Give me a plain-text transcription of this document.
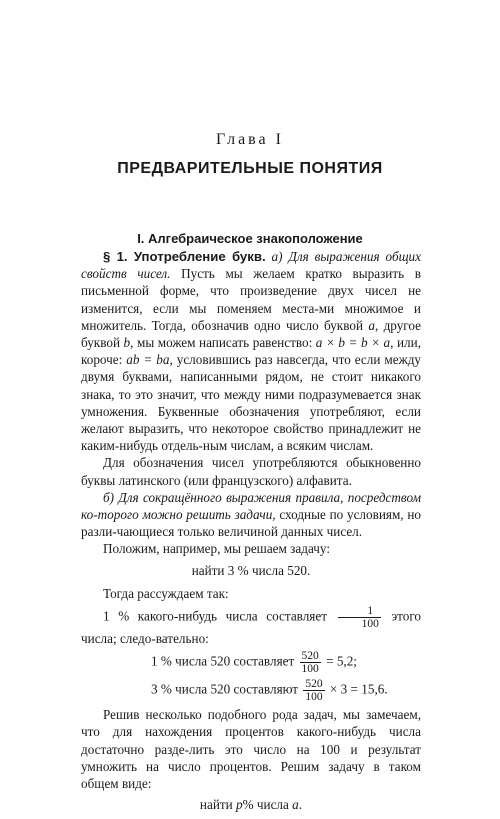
Глава I
ПРЕДВАРИТЕЛЬНЫЕ ПОНЯТИЯ
I. Алгебраическое знакоположение

§ 1. Употребление букв. а) Для выражения общих свойств чисел. Пусть мы желаем кратко выразить в письменной форме, что произведение двух чисел не изменится, если мы поменяем места-ми множимое и множитель. Тогда, обозначив одно число буквой a, другое буквой b, мы можем написать равенство: a × b = b × a, или, короче: ab = ba, условившись раз навсегда, что если между двумя буквами, написанными рядом, не стоит никакого знака, то это значит, что между ними подразумевается знак умножения. Буквенные обозначения употребляют, если желают выразить, что некоторое свойство принадлежит не каким-нибудь отдель-ным числам, а всяким числам.

Для обозначения чисел употребляются обыкновенно буквы латинского (или французского) алфавита.

б) Для сокращённого выражения правила, посредством ко-торого можно решить задачи, сходные по условиям, но разли-чающиеся только величиной данных чисел.

Положим, например, мы решаем задачу:

найти 3 % числа 520.

Тогда рассуждаем так:

1 % какого-нибудь числа составляет $\frac{1}{100}$ этого числа; следо-вательно:

1 % числа 520 составляет $\frac{520}{100} = 5,2$;
3 % числа 520 составляют $\frac{520}{100} \times 3 = 15,6$.

Решив несколько подобного рода задач, мы замечаем, что для нахождения процентов какого-нибудь числа достаточно разде-лить это число на 100 и результат умножить на число процентов. Решим задачу в таком общем виде:

найти p% числа a.
